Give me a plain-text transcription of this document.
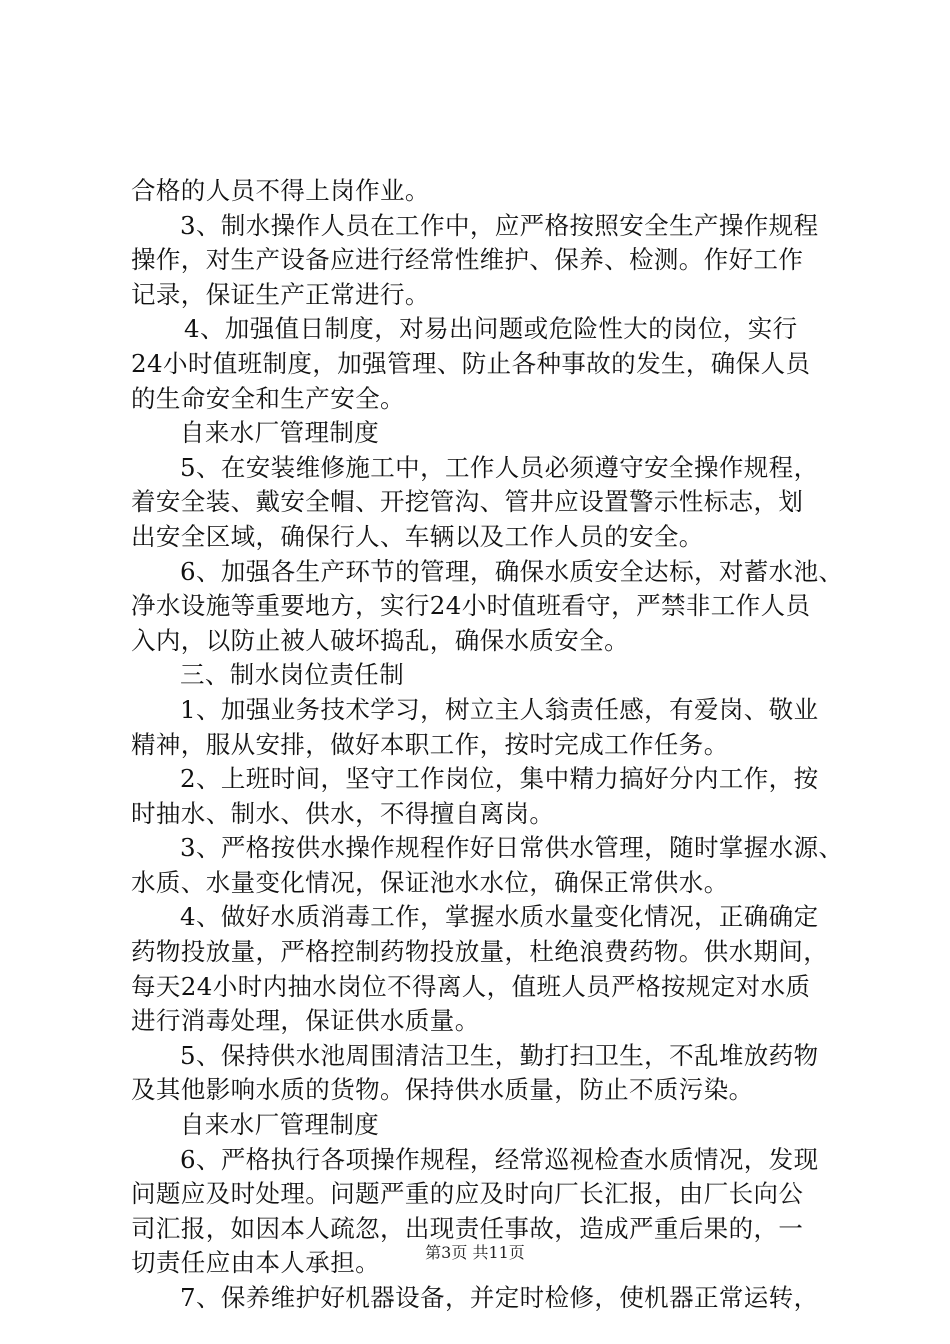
合格的人员不得上岗作业。
3、制水操作人员在工作中，应严格按照安全生产操作规程
操作，对生产设备应进行经常性维护、保养、检测。作好工作
记录，保证生产正常进行。
4、加强值日制度，对易出问题或危险性大的岗位，实行
24小时值班制度，加强管理、防止各种事故的发生，确保人员
的生命安全和生产安全。
自来水厂管理制度
5、在安装维修施工中，工作人员必须遵守安全操作规程，
着安全装、戴安全帽、开挖管沟、管井应设置警示性标志，划
出安全区域，确保行人、车辆以及工作人员的安全。
6、加强各生产环节的管理，确保水质安全达标，对蓄水池、
净水设施等重要地方，实行24小时值班看守，严禁非工作人员
入内，以防止被人破坏捣乱，确保水质安全。
三、制水岗位责任制
1、加强业务技术学习，树立主人翁责任感，有爱岗、敬业
精神，服从安排，做好本职工作，按时完成工作任务。
2、上班时间，坚守工作岗位，集中精力搞好分内工作，按
时抽水、制水、供水，不得擅自离岗。
3、严格按供水操作规程作好日常供水管理，随时掌握水源、
水质、水量变化情况，保证池水水位，确保正常供水。
4、做好水质消毒工作，掌握水质水量变化情况，正确确定
药物投放量，严格控制药物投放量，杜绝浪费药物。供水期间，
每天24小时内抽水岗位不得离人，值班人员严格按规定对水质
进行消毒处理，保证供水质量。
5、保持供水池周围清洁卫生，勤打扫卫生，不乱堆放药物
及其他影响水质的货物。保持供水质量，防止不质污染。
自来水厂管理制度
6、严格执行各项操作规程，经常巡视检查水质情况，发现
问题应及时处理。问题严重的应及时向厂长汇报，由厂长向公
司汇报，如因本人疏忽，出现责任事故，造成严重后果的，一
切责任应由本人承担。
7、保养维护好机器设备，并定时检修，使机器正常运转，
第3页 共11页
